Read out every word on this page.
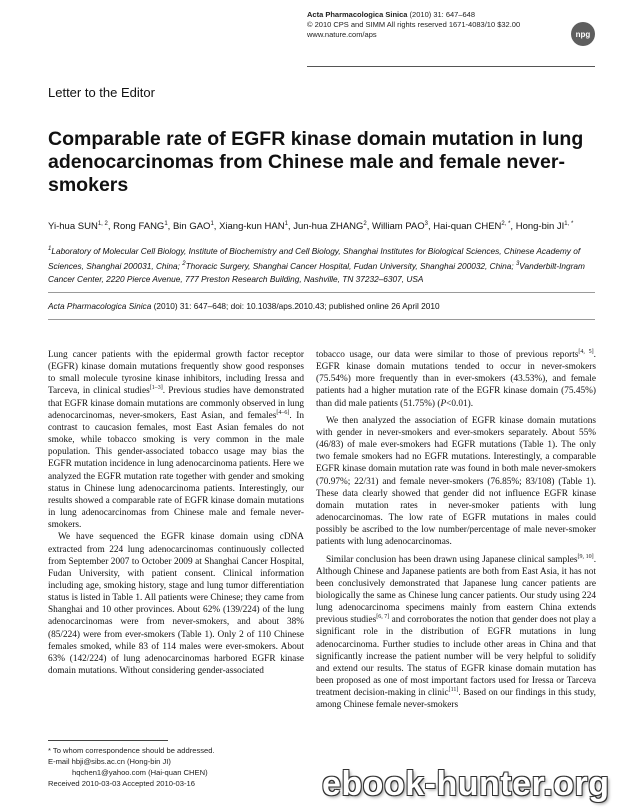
Acta Pharmacologica Sinica (2010) 31: 647–648
© 2010 CPS and SIMM All rights reserved 1671-4083/10 $32.00
www.nature.com/aps	npg
Letter to the Editor
Comparable rate of EGFR kinase domain mutation in lung adenocarcinomas from Chinese male and female never-smokers
Yi-hua SUN$^{1, 2}$, Rong FANG$^1$, Bin GAO$^1$, Xiang-kun HAN$^1$, Jun-hua ZHANG$^2$, William PAO$^3$, Hai-quan $CHEN^{2, *}$, Hong-bin $JI^{1, *}$
$^1$Laboratory of Molecular Cell Biology, Institute of Biochemistry and Cell Biology, Shanghai Institutes for Biological Sciences, Chinese Academy of Sciences, Shanghai 200031, China; $^2$Thoracic Surgery, Shanghai Cancer Hospital, Fudan University, Shanghai 200032, China; $^3$Vanderbilt-Ingram Cancer Center, 2220 Pierce Avenue, 777 Preston Research Building, Nashville, TN 37232–6307, USA
Acta Pharmacologica Sinica (2010) 31: 647–648; doi: 10.1038/aps.2010.43; published online 26 April 2010

Lung cancer patients with the epidermal growth factor receptor (EGFR) kinase domain mutations frequently show good responses to small molecule tyrosine kinase inhibitors, including Iressa and Tarceva, in clinical studies[1–3]. Previous studies have demonstrated that EGFR kinase domain mutations are commonly observed in lung adenocarcinomas, never-smokers, East Asian, and females[4–6]. In contrast to caucasion females, most East Asian females do not smoke, while tobacco smoking is very common in the male population. This gender-associated tobacco usage may bias the EGFR mutation incidence in lung adenocarcinoma patients. Here we analyzed the EGFR mutation rate together with gender and smoking status in Chinese lung adenocarcinoma patients. Interestingly, our results showed a comparable rate of EGFR kinase domain mutations in lung adenocarcinomas from Chinese male and female never-smokers.

We have sequenced the EGFR kinase domain using cDNA extracted from 224 lung adenocarcinomas continuously collected from September 2007 to October 2009 at Shanghai Cancer Hospital, Fudan University, with patient consent. Clinical information including age, smoking history, stage and lung tumor differentiation status is listed in Table 1. All patients were Chinese; they came from Shanghai and 10 other provinces. About 62% (139/224) of the lung adenocarcinomas were from never-smokers, and about 38% (85/224) were from ever-smokers (Table 1). Only 2 of 110 Chinese females smoked, while 83 of 114 males were ever-smokers. About 63% (142/224) of lung adenocarcinomas harbored EGFR kinase domain mutations. Without considering gender-associated

tobacco usage, our data were similar to those of previous reports[4, 5]. EGFR kinase domain mutations tended to occur in never-smokers (75.54%) more frequently than in ever-smokers (43.53%), and female patients had a higher mutation rate of the EGFR kinase domain (75.45%) than did male patients (51.75%) (P<0.01).

We then analyzed the association of EGFR kinase domain mutations with gender in never-smokers and ever-smokers separately. About 55% (46/83) of male ever-smokers had EGFR mutations (Table 1). The only two female smokers had no EGFR mutations. Interestingly, a comparable EGFR kinase domain mutation rate was found in both male never-smokers (70.97%; 22/31) and female never-smokers (76.85%; 83/108) (Table 1). These data clearly showed that gender did not influence EGFR kinase domain mutation rates in never-smoker patients with lung adenocarcinomas. The low rate of EGFR mutations in males could possibly be ascribed to the low number/percentage of male never-smoker patients with lung adenocarcinomas.

Similar conclusion has been drawn using Japanese clinical samples[9, 10]. Although Chinese and Japanese patients are both from East Asia, it has not been conclusively demonstrated that Japanese lung cancer patients are biologically the same as Chinese lung cancer patients. Our study using 224 lung adenocarcinoma specimens mainly from eastern China extends previous studies[6, 7] and corroborates the notion that gender does not play a significant role in the distribution of EGFR mutations in lung adenocarcinoma. Further studies to include other areas in China and that significantly increase the patient number will be very helpful to solidify and extend our results. The status of EGFR kinase domain mutation has been proposed as one of most important factors used for Iressa or Tarceva treatment decision-making in clinic[11]. Based on our findings in this study, among Chinese female never-smokers

* To whom correspondence should be addressed.
E-mail hbji@sibs.ac.cn (Hong-bin JI)
hqchen1@yahoo.com (Hai-quan CHEN)
Received 2010-03-03 Accepted 2010-03-16	ebook-hunter.org
